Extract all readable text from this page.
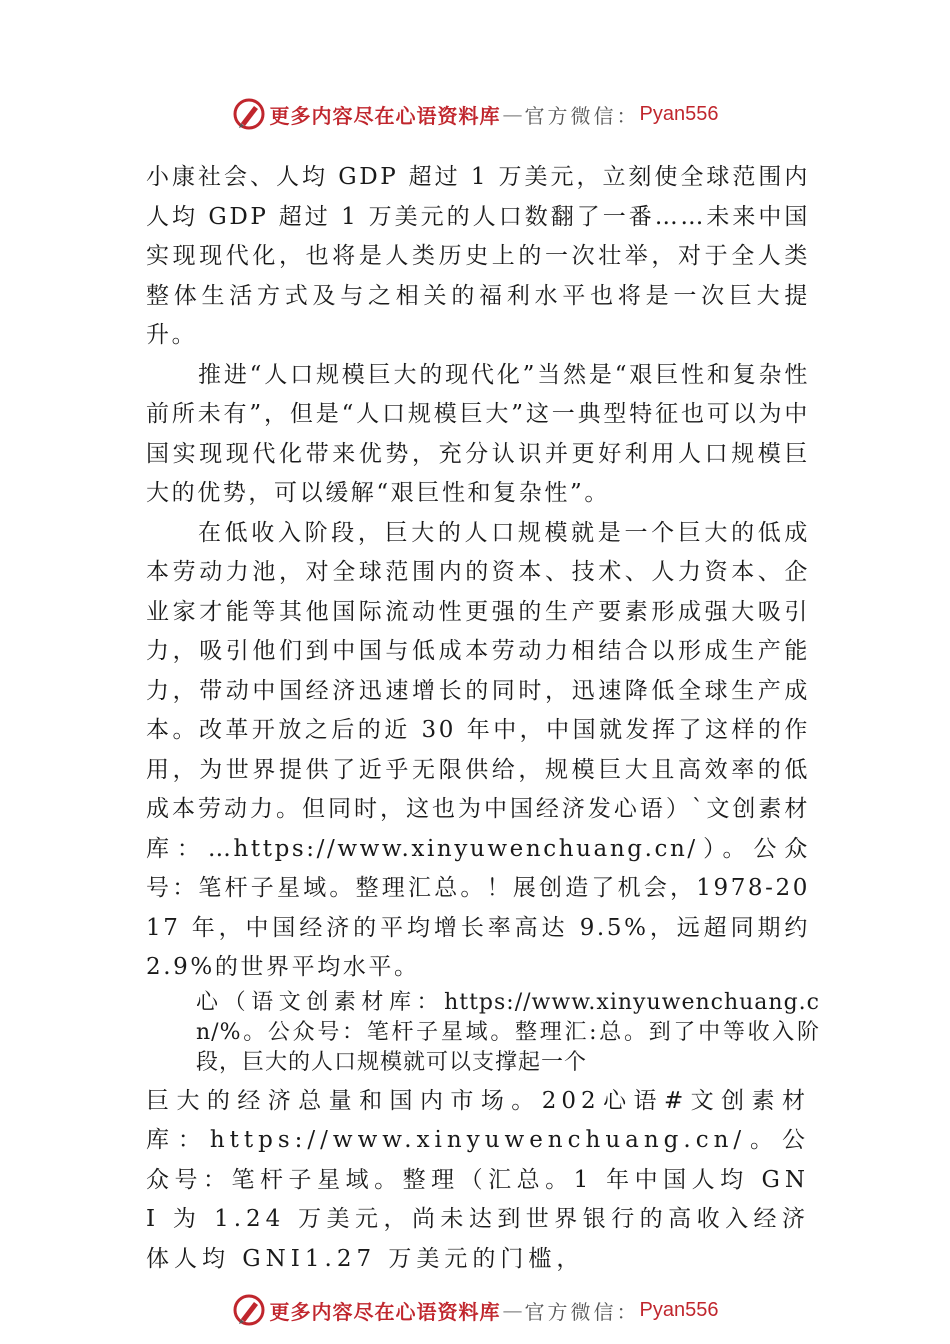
更多内容尽在心语资料库 — 官方微信： Pyan556

小康社会、人均 GDP 超过 1 万美元，立刻使全球范围内人均 GDP 超过 1 万美元的人口数翻了一番……未来中国实现现代化，也将是人类历史上的一次壮举，对于全人类整体生活方式及与之相关的福利水平也将是一次巨大提升。

推进“人口规模巨大的现代化”当然是“艰巨性和复杂性前所未有”，但是“人口规模巨大”这一典型特征也可以为中国实现现代化带来优势，充分认识并更好利用人口规模巨大的优势，可以缓解“艰巨性和复杂性”。

在低收入阶段，巨大的人口规模就是一个巨大的低成本劳动力池，对全球范围内的资本、技术、人力资本、企业家才能等其他国际流动性更强的生产要素形成强大吸引力，吸引他们到中国与低成本劳动力相结合以形成生产能力，带动中国经济迅速增长的同时，迅速降低全球生产成本。改革开放之后的近 30 年中，中国就发挥了这样的作用，为世界提供了近乎无限供给，规模巨大且高效率的低成本劳动力。但同时，这也为中国经济发心语）`文创素材库：…https://www.xinyuwenchuang.cn/）。公众号：笔杆子星域。整理汇总。！展创造了机会，1978-2017 年，中国经济的平均增长率高达 9.5%，远超同期约 2.9%的世界平均水平。

心（语文创素材库：https://www.xinyuwenchuang.cn/%。公众号：笔杆子星域。整理汇:总。到了中等收入阶段，巨大的人口规模就可以支撑起一个

巨大的经济总量和国内市场。202心语#文创素材库：https://www.xinyuwenchuang.cn/。公众号：笔杆子星域。整理（汇总。1 年中国人均 GNI 为 1.24 万美元，尚未达到世界银行的高收入经济体人均 GNI1.27 万美元的门槛，

更多内容尽在心语资料库 — 官方微信： Pyan556
